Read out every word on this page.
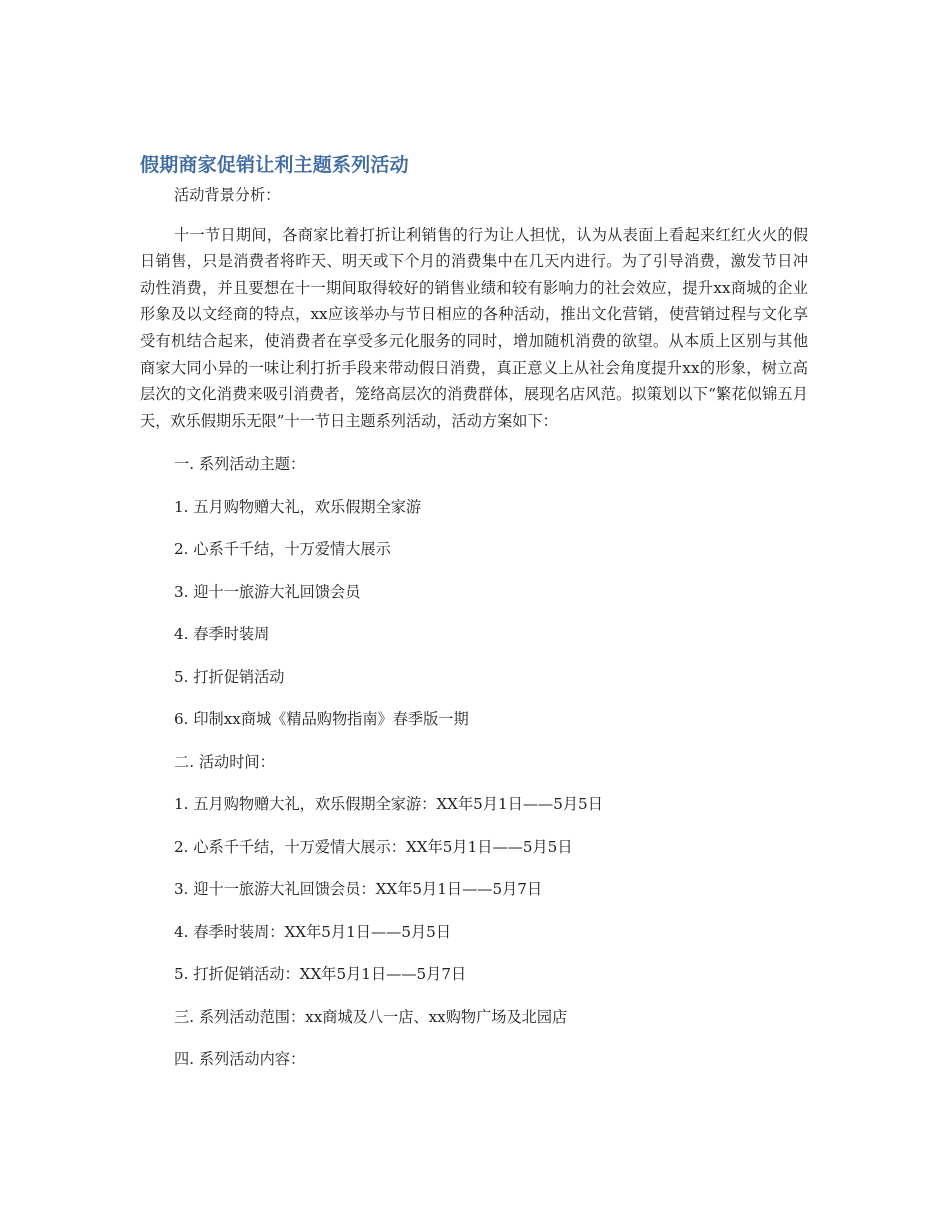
假期商家促销让利主题系列活动

活动背景分析：

十一节日期间，各商家比着打折让利销售的行为让人担忧，认为从表面上看起来红红火火的假日销售，只是消费者将昨天、明天或下个月的消费集中在几天内进行。为了引导消费，激发节日冲动性消费，并且要想在十一期间取得较好的销售业绩和较有影响力的社会效应，提升xx商城的企业形象及以文经商的特点，xx应该举办与节日相应的各种活动，推出文化营销，使营销过程与文化享受有机结合起来，使消费者在享受多元化服务的同时，增加随机消费的欲望。从本质上区别与其他商家大同小异的一味让利打折手段来带动假日消费，真正意义上从社会角度提升xx的形象，树立高层次的文化消费来吸引消费者，笼络高层次的消费群体，展现名店风范。拟策划以下“繁花似锦五月天，欢乐假期乐无限”十一节日主题系列活动，活动方案如下：

一. 系列活动主题：

1. 五月购物赠大礼，欢乐假期全家游

2. 心系千千结，十万爱情大展示

3. 迎十一旅游大礼回馈会员

4. 春季时装周

5. 打折促销活动

6. 印制xx商城《精品购物指南》春季版一期

二. 活动时间：

1. 五月购物赠大礼，欢乐假期全家游：XX年5月1日——5月5日

2. 心系千千结，十万爱情大展示：XX年5月1日——5月5日

3. 迎十一旅游大礼回馈会员：XX年5月1日——5月7日

4. 春季时装周：XX年5月1日——5月5日

5. 打折促销活动：XX年5月1日——5月7日

三. 系列活动范围：xx商城及八一店、xx购物广场及北园店

四. 系列活动内容：
